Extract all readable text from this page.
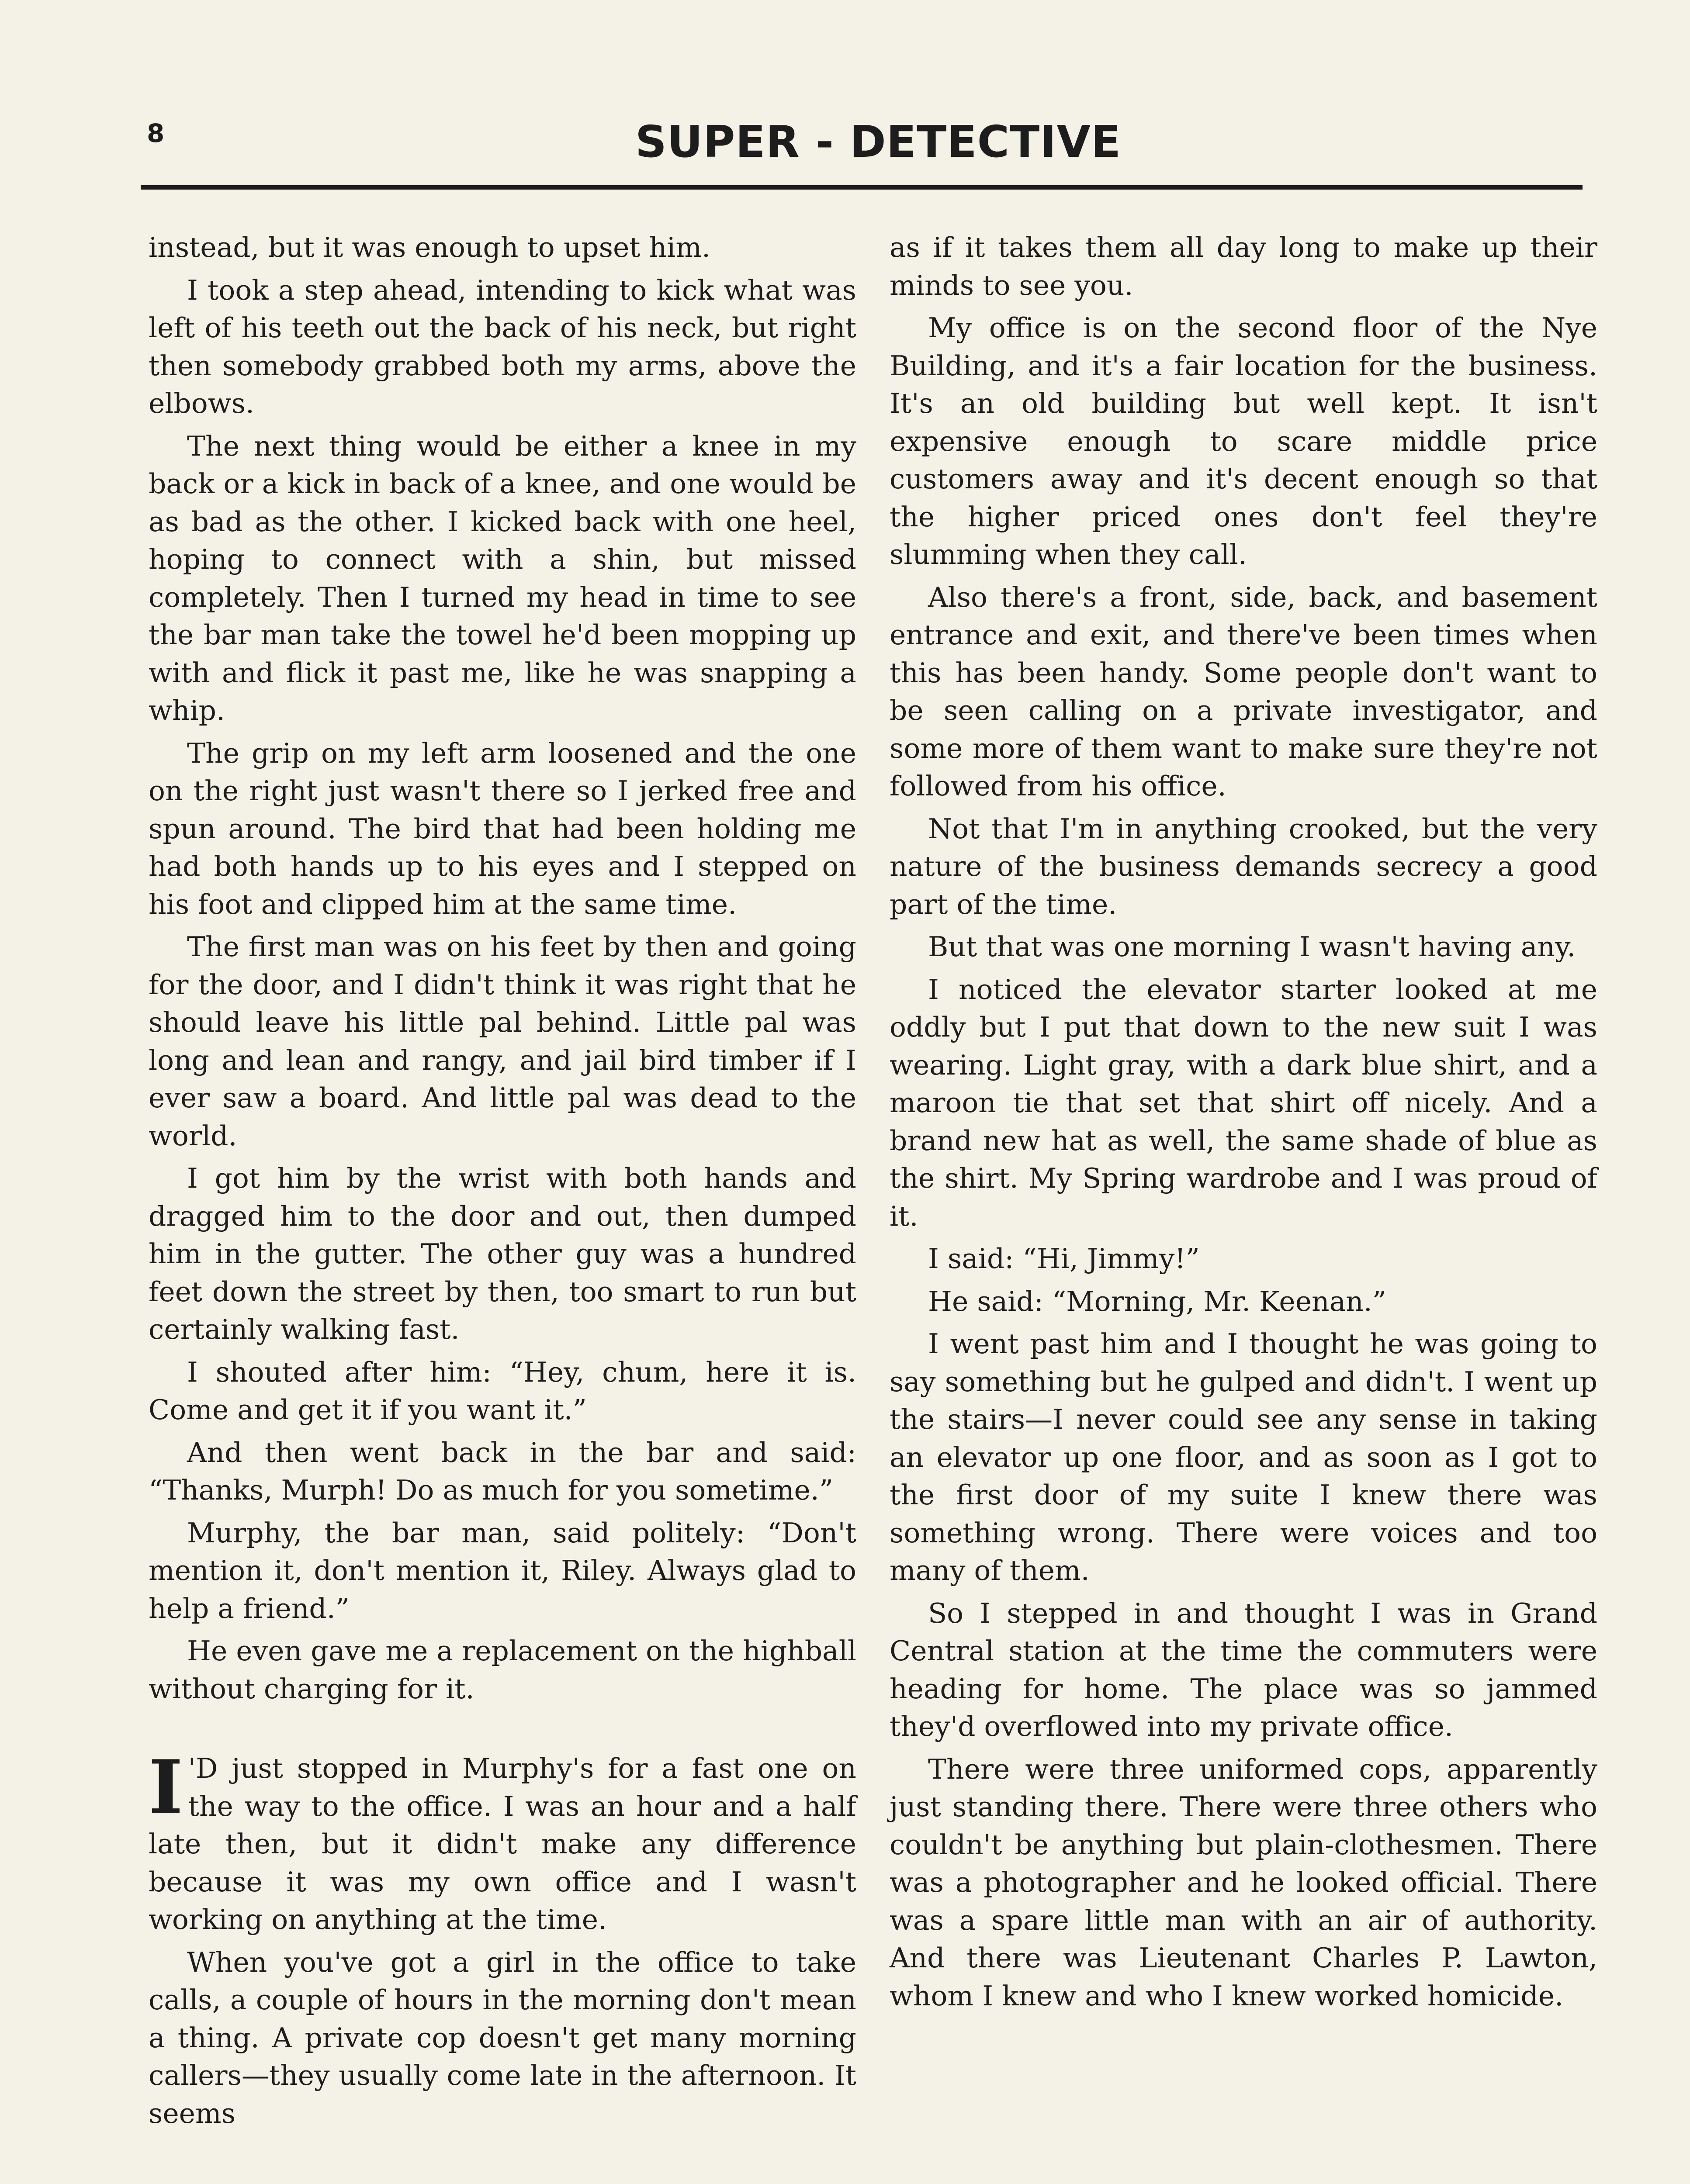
8	SUPER - DETECTIVE

instead, but it was enough to upset him.

I took a step ahead, intending to kick what was left of his teeth out the back of his neck, but right then somebody grabbed both my arms, above the elbows.

The next thing would be either a knee in my back or a kick in back of a knee, and one would be as bad as the other. I kicked back with one heel, hoping to connect with a shin, but missed completely. Then I turned my head in time to see the bar man take the towel he'd been mopping up with and flick it past me, like he was snapping a whip.

The grip on my left arm loosened and the one on the right just wasn't there so I jerked free and spun around. The bird that had been holding me had both hands up to his eyes and I stepped on his foot and clipped him at the same time.

The first man was on his feet by then and going for the door, and I didn't think it was right that he should leave his little pal behind. Little pal was long and lean and rangy, and jail bird timber if I ever saw a board. And little pal was dead to the world.

I got him by the wrist with both hands and dragged him to the door and out, then dumped him in the gutter. The other guy was a hundred feet down the street by then, too smart to run but certainly walking fast.

I shouted after him: “Hey, chum, here it is. Come and get it if you want it.”

And then went back in the bar and said: “Thanks, Murph! Do as much for you sometime.”

Murphy, the bar man, said politely: “Don't mention it, don't mention it, Riley. Always glad to help a friend.”

He even gave me a replacement on the highball without charging for it.

I 'D just stopped in Murphy's for a fast one on the way to the office. I was an hour and a half late then, but it didn't make any difference because it was my own office and I wasn't working on anything at the time.

When you've got a girl in the office to take calls, a couple of hours in the morning don't mean a thing. A private cop doesn't get many morning callers—they usually come late in the afternoon. It seems

as if it takes them all day long to make up their minds to see you.

My office is on the second floor of the Nye Building, and it's a fair location for the business. It's an old building but well kept. It isn't expensive enough to scare middle price customers away and it's decent enough so that the higher priced ones don't feel they're slumming when they call.

Also there's a front, side, back, and basement entrance and exit, and there've been times when this has been handy. Some people don't want to be seen calling on a private investigator, and some more of them want to make sure they're not followed from his office.

Not that I'm in anything crooked, but the very nature of the business demands secrecy a good part of the time.

But that was one morning I wasn't having any.

I noticed the elevator starter looked at me oddly but I put that down to the new suit I was wearing. Light gray, with a dark blue shirt, and a maroon tie that set that shirt off nicely. And a brand new hat as well, the same shade of blue as the shirt. My Spring wardrobe and I was proud of it.

I said: “Hi, Jimmy!”

He said: “Morning, Mr. Keenan.”

I went past him and I thought he was going to say something but he gulped and didn't. I went up the stairs—I never could see any sense in taking an elevator up one floor, and as soon as I got to the first door of my suite I knew there was something wrong. There were voices and too many of them.

So I stepped in and thought I was in Grand Central station at the time the commuters were heading for home. The place was so jammed they'd overflowed into my private office.

There were three uniformed cops, apparently just standing there. There were three others who couldn't be anything but plain-clothesmen. There was a photographer and he looked official. There was a spare little man with an air of authority. And there was Lieutenant Charles P. Lawton, whom I knew and who I knew worked homicide.
